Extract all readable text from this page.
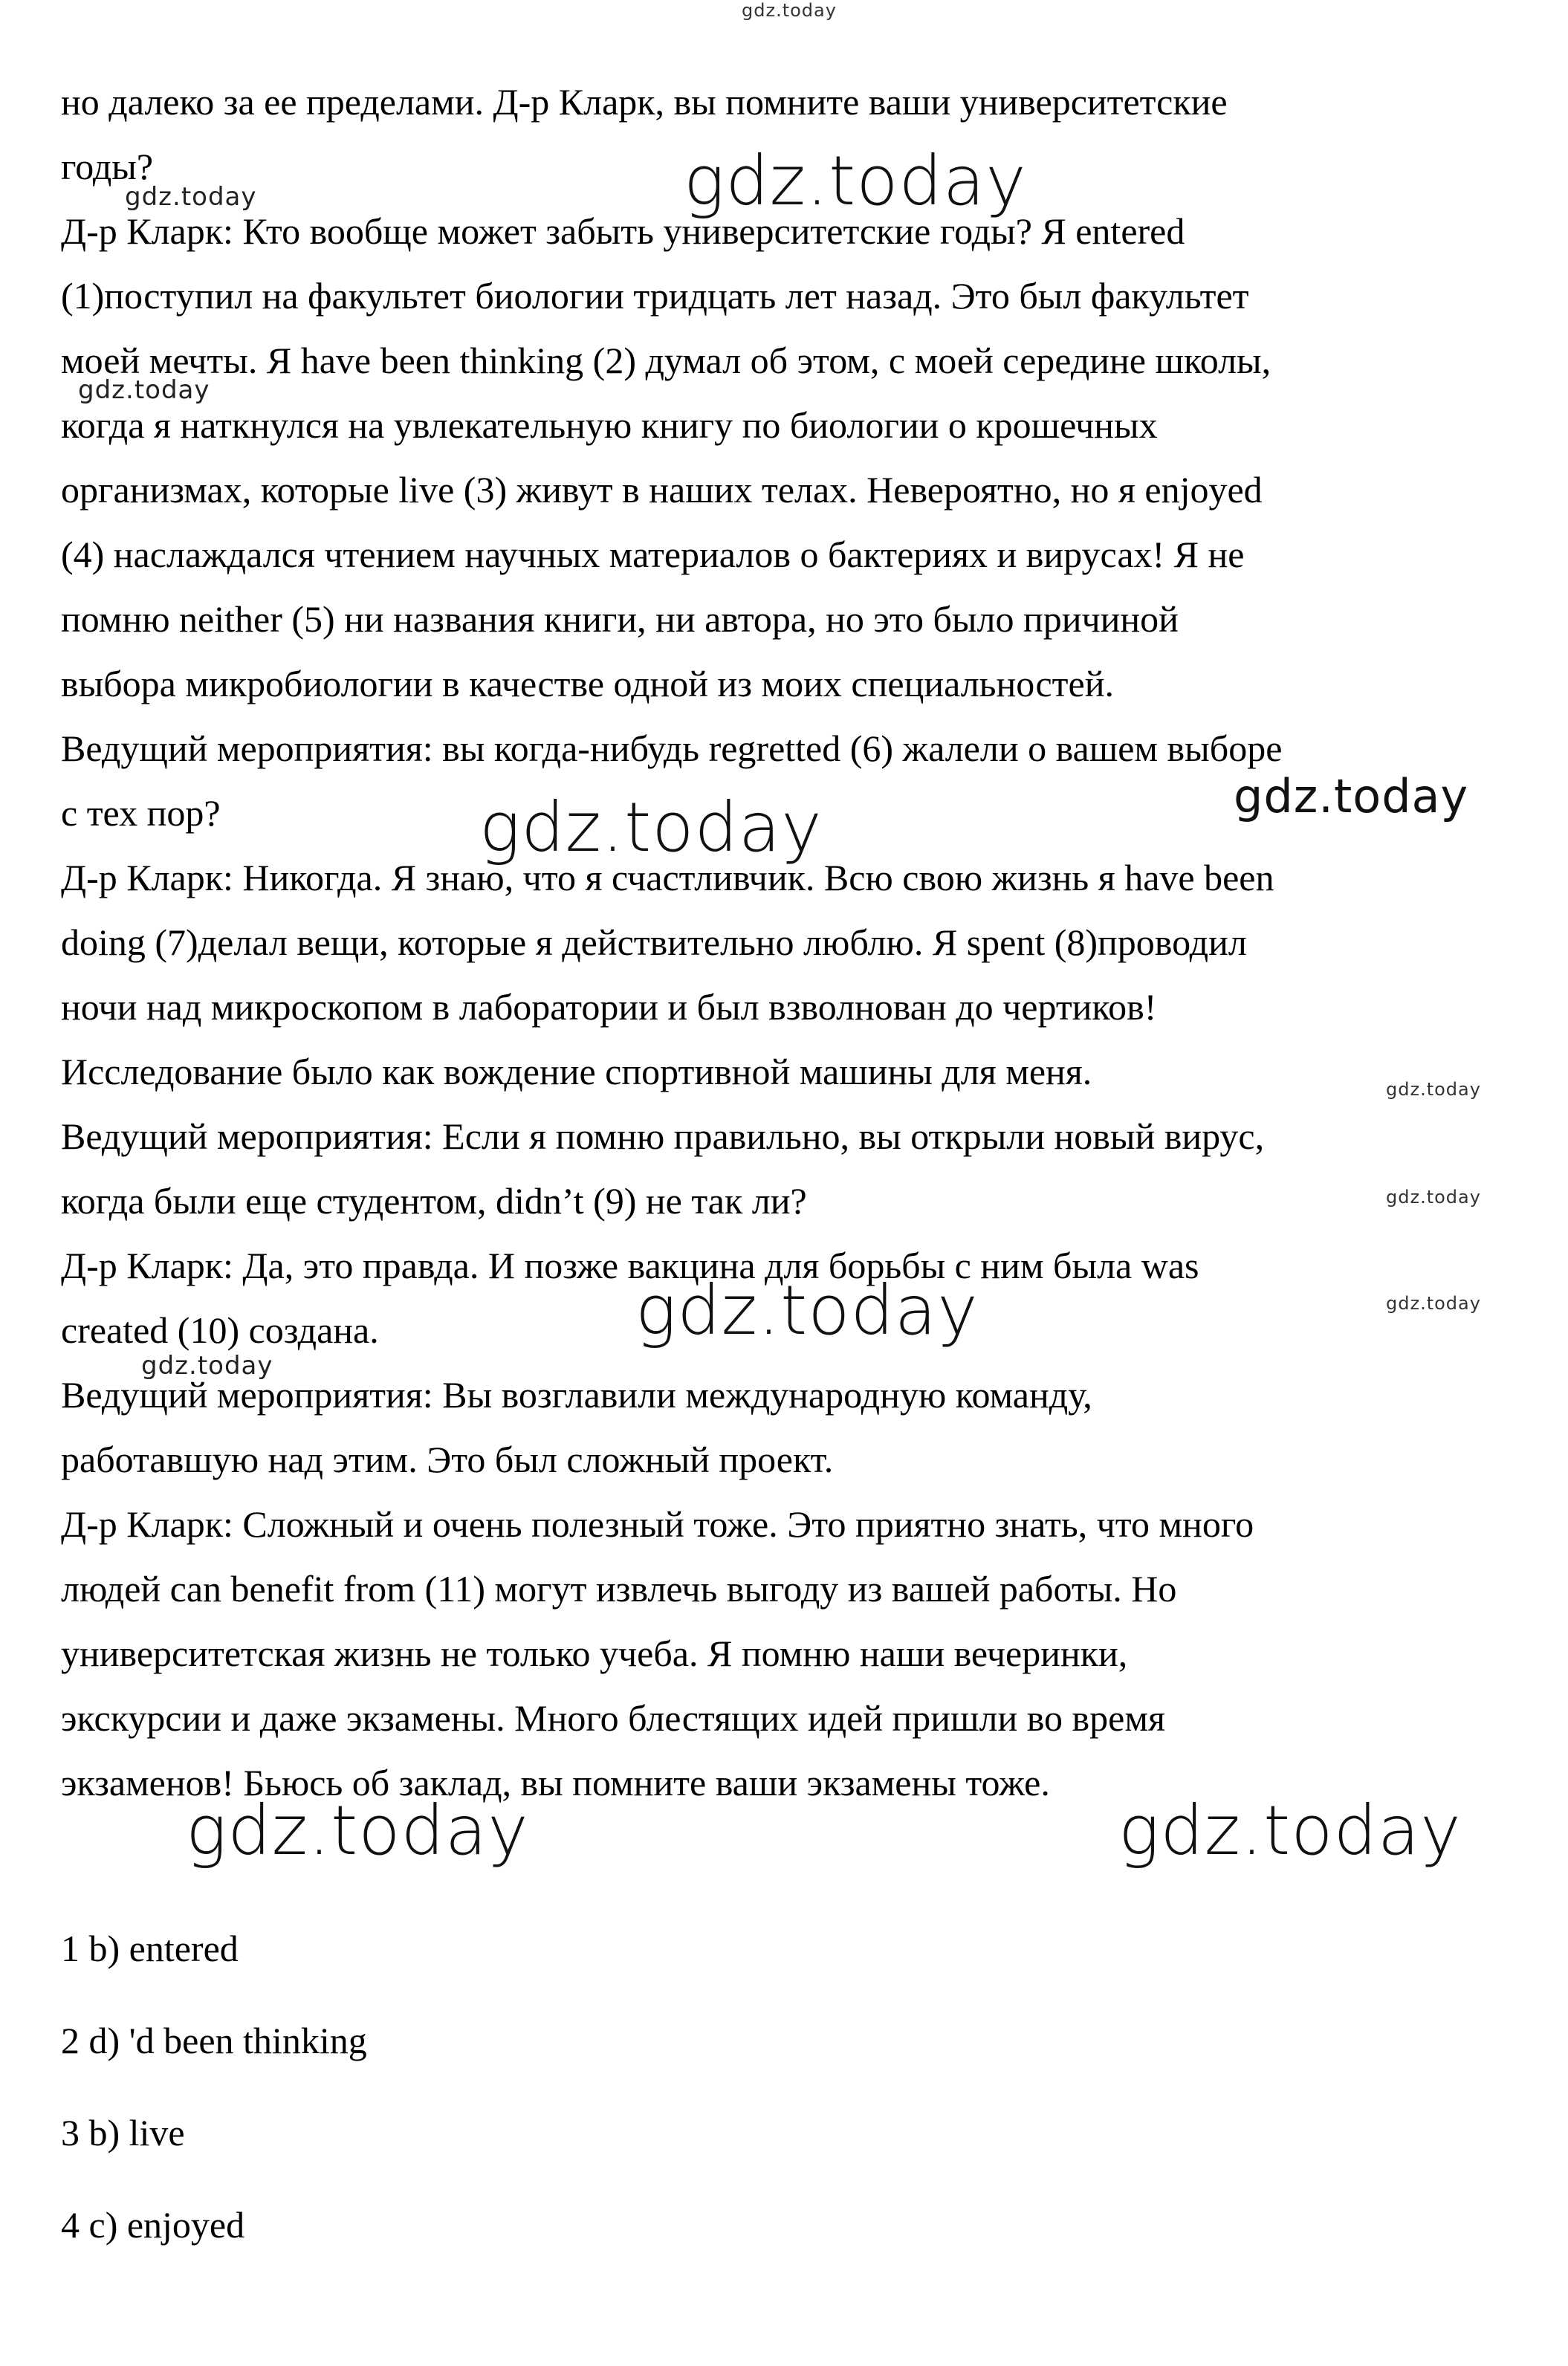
gdz.today
но далеко за ее пределами. Д-р Кларк, вы помните ваши университетские
годы?
Д-р Кларк: Кто вообще может забыть университетские годы? Я entered
(1)поступил на факультет биологии тридцать лет назад. Это был факультет
моей мечты. Я have been thinking (2) думал об этом, с моей середине школы,
когда я наткнулся на увлекательную книгу по биологии о крошечных
организмах, которые live (3) живут в наших телах. Невероятно, но я enjoyed
(4) наслаждался чтением научных материалов о бактериях и вирусах! Я не
помню neither (5) ни названия книги, ни автора, но это было причиной
выбора микробиологии в качестве одной из моих специальностей.
Ведущий мероприятия: вы когда-нибудь regretted (6) жалели о вашем выборе
с тех пор?
Д-р Кларк: Никогда. Я знаю, что я счастливчик. Всю свою жизнь я have been
doing (7)делал вещи, которые я действительно люблю. Я spent (8)проводил
ночи над микроскопом в лаборатории и был взволнован до чертиков!
Исследование было как вождение спортивной машины для меня.
Ведущий мероприятия: Если я помню правильно, вы открыли новый вирус,
когда были еще студентом, didn’t (9) не так ли?
Д-р Кларк: Да, это правда. И позже вакцина для борьбы с ним была was
created (10) создана.
Ведущий мероприятия: Вы возглавили международную команду,
работавшую над этим. Это был сложный проект.
Д-р Кларк: Сложный и очень полезный тоже. Это приятно знать, что много
людей can benefit from (11) могут извлечь выгоду из вашей работы. Но
университетская жизнь не только учеба. Я помню наши вечеринки,
экскурсии и даже экзамены. Много блестящих идей пришли во время
экзаменов! Бьюсь об заклад, вы помните ваши экзамены тоже.
1 b) entered
2 d) 'd been thinking
3 b) live
4 c) enjoyed
gdz.today
gdz.today
gdz.today
gdz.today	gdz.today
gdz.today
gdz.today
gdz.today
gdz.today
gdz.today
gdz.today
gdz.today
